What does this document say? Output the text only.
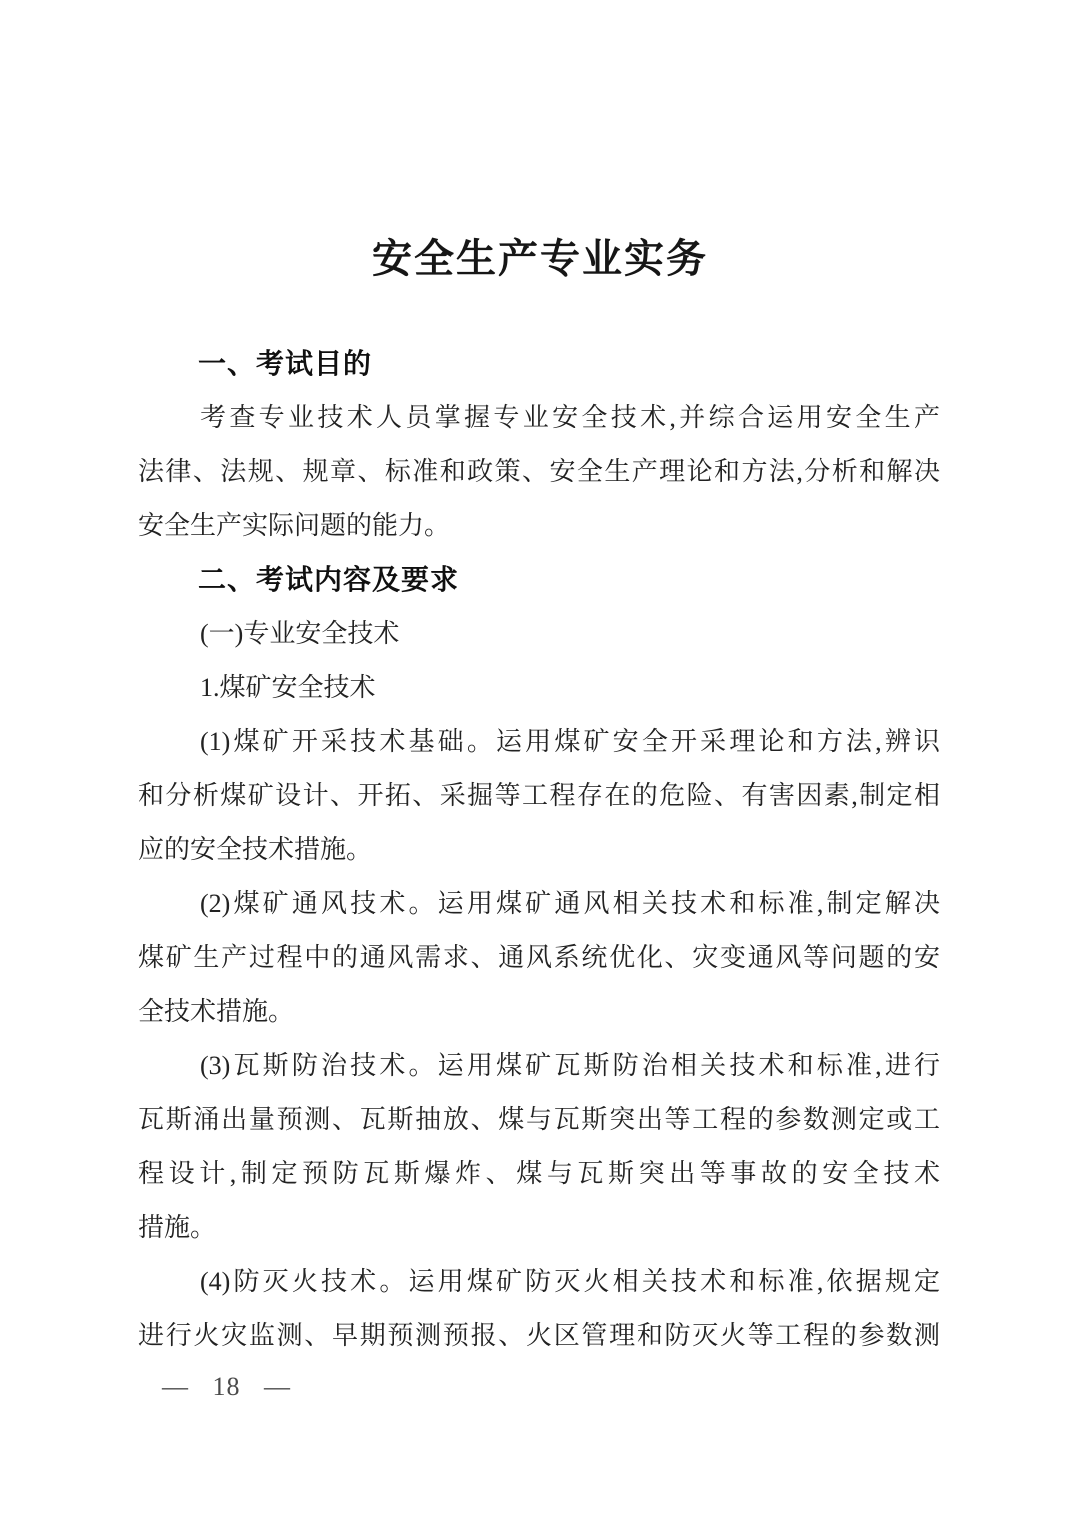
安全生产专业实务
一、考试目的
考查专业技术人员掌握专业安全技术,并综合运用安全生产
法律、法规、规章、标准和政策、安全生产理论和方法,分析和解决
安全生产实际问题的能力。
二、考试内容及要求
(一)专业安全技术
1.煤矿安全技术
(1)煤矿开采技术基础。运用煤矿安全开采理论和方法,辨识
和分析煤矿设计、开拓、采掘等工程存在的危险、有害因素,制定相
应的安全技术措施。
(2)煤矿通风技术。运用煤矿通风相关技术和标准,制定解决
煤矿生产过程中的通风需求、通风系统优化、灾变通风等问题的安
全技术措施。
(3)瓦斯防治技术。运用煤矿瓦斯防治相关技术和标准,进行
瓦斯涌出量预测、瓦斯抽放、煤与瓦斯突出等工程的参数测定或工
程设计,制定预防瓦斯爆炸、煤与瓦斯突出等事故的安全技术
措施。
(4)防灭火技术。运用煤矿防灭火相关技术和标准,依据规定
进行火灾监测、早期预测预报、火区管理和防灭火等工程的参数测
— 18 —
